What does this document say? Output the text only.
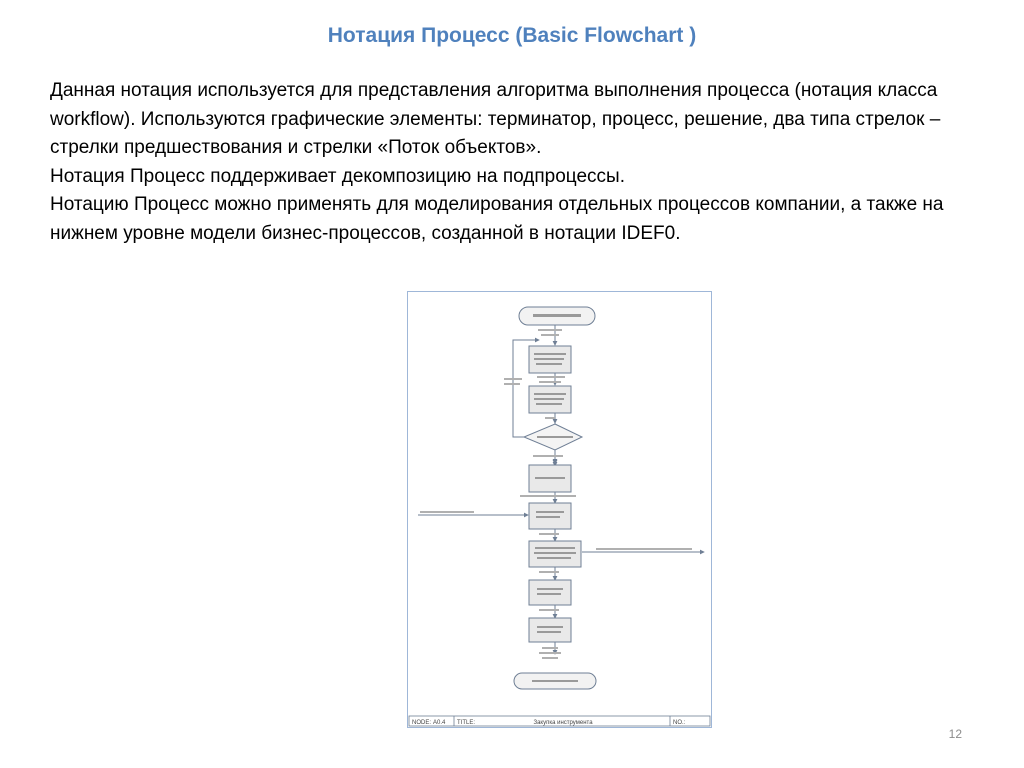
Нотация Процесс (Basic Flowchart )

Данная нотация используется для представления алгоритма выполнения процесса (нотация класса workflow). Используются графические элементы: терминатор, процесс, решение, два типа стрелок – стрелки предшествования и стрелки «Поток объектов».

Нотация Процесс поддерживает декомпозицию на подпроцессы.

Нотацию Процесс можно применять для моделирования отдельных процессов компании, а также на нижнем уровне модели бизнес-процессов, созданной в нотации IDEF0.

NODE: А0.4 TITLE:	Закупка инструмента	NO.:
12
